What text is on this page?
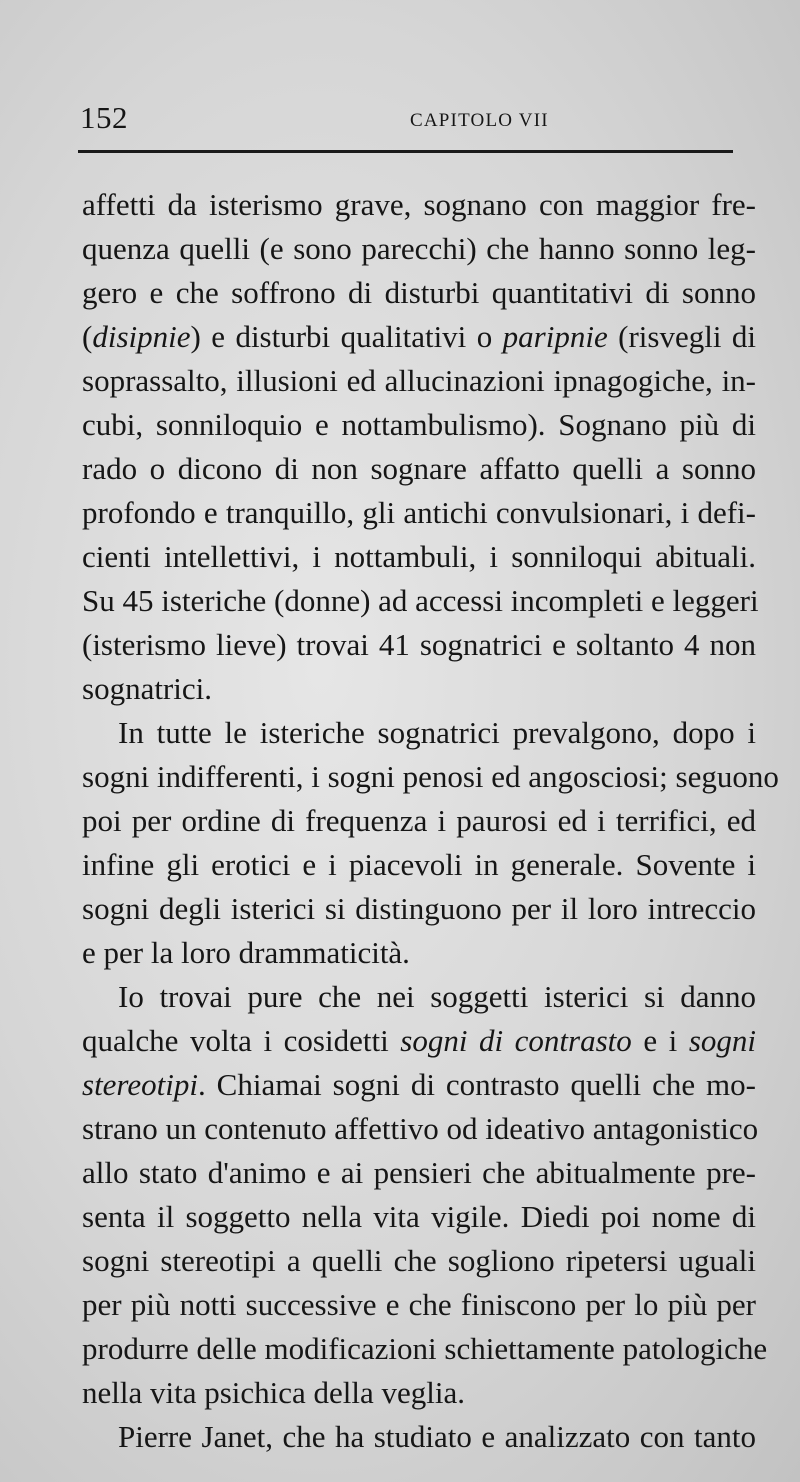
152	CAPITOLO VII
affetti da isterismo grave, sognano con maggior fre-
quenza quelli (e sono parecchi) che hanno sonno leg-
gero e che soffrono di disturbi quantitativi di sonno
(disipnie) e disturbi qualitativi o paripnie (risvegli di
soprassalto, illusioni ed allucinazioni ipnagogiche, in-
cubi, sonniloquio e nottambulismo). Sognano più di
rado o dicono di non sognare affatto quelli a sonno
profondo e tranquillo, gli antichi convulsionari, i defi-
cienti intellettivi, i nottambuli, i sonniloqui abituali.
Su 45 isteriche (donne) ad accessi incompleti e leggeri
(isterismo lieve) trovai 41 sognatrici e soltanto 4 non
sognatrici.
In tutte le isteriche sognatrici prevalgono, dopo i
sogni indifferenti, i sogni penosi ed angosciosi; seguono
poi per ordine di frequenza i paurosi ed i terrifici, ed
infine gli erotici e i piacevoli in generale. Sovente i
sogni degli isterici si distinguono per il loro intreccio
e per la loro drammaticità.
Io trovai pure che nei soggetti isterici si danno
qualche volta i cosidetti sogni di contrasto e i sogni
stereotipi. Chiamai sogni di contrasto quelli che mo-
strano un contenuto affettivo od ideativo antagonistico
allo stato d'animo e ai pensieri che abitualmente pre-
senta il soggetto nella vita vigile. Diedi poi nome di
sogni stereotipi a quelli che sogliono ripetersi uguali
per più notti successive e che finiscono per lo più per
produrre delle modificazioni schiettamente patologiche
nella vita psichica della veglia.
Pierre Janet, che ha studiato e analizzato con tanto
